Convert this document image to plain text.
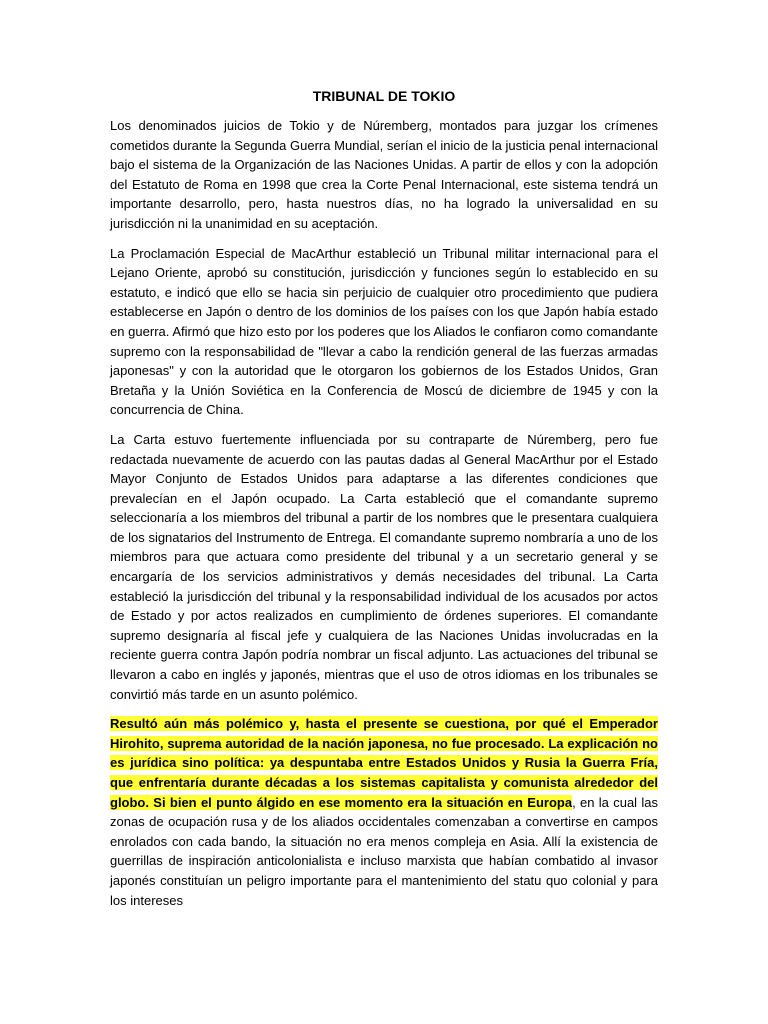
TRIBUNAL DE TOKIO

Los denominados juicios de Tokio y de Núremberg, montados para juzgar los crímenes cometidos durante la Segunda Guerra Mundial, serían el inicio de la justicia penal internacional bajo el sistema de la Organización de las Naciones Unidas. A partir de ellos y con la adopción del Estatuto de Roma en 1998 que crea la Corte Penal Internacional, este sistema tendrá un importante desarrollo, pero, hasta nuestros días, no ha logrado la universalidad en su jurisdicción ni la unanimidad en su aceptación.

La Proclamación Especial de MacArthur estableció un Tribunal militar internacional para el Lejano Oriente, aprobó su constitución, jurisdicción y funciones según lo establecido en su estatuto, e indicó que ello se hacia sin perjuicio de cualquier otro procedimiento que pudiera establecerse en Japón o dentro de los dominios de los países con los que Japón había estado en guerra. Afirmó que hizo esto por los poderes que los Aliados le confiaron como comandante supremo con la responsabilidad de "llevar a cabo la rendición general de las fuerzas armadas japonesas" y con la autoridad que le otorgaron los gobiernos de los Estados Unidos, Gran Bretaña y la Unión Soviética en la Conferencia de Moscú de diciembre de 1945 y con la concurrencia de China.

La Carta estuvo fuertemente influenciada por su contraparte de Núremberg, pero fue redactada nuevamente de acuerdo con las pautas dadas al General MacArthur por el Estado Mayor Conjunto de Estados Unidos para adaptarse a las diferentes condiciones que prevalecían en el Japón ocupado. La Carta estableció que el comandante supremo seleccionaría a los miembros del tribunal a partir de los nombres que le presentara cualquiera de los signatarios del Instrumento de Entrega. El comandante supremo nombraría a uno de los miembros para que actuara como presidente del tribunal y a un secretario general y se encargaría de los servicios administrativos y demás necesidades del tribunal. La Carta estableció la jurisdicción del tribunal y la responsabilidad individual de los acusados por actos de Estado y por actos realizados en cumplimiento de órdenes superiores. El comandante supremo designaría al fiscal jefe y cualquiera de las Naciones Unidas involucradas en la reciente guerra contra Japón podría nombrar un fiscal adjunto. Las actuaciones del tribunal se llevaron a cabo en inglés y japonés, mientras que el uso de otros idiomas en los tribunales se convirtió más tarde en un asunto polémico.

Resultó aún más polémico y, hasta el presente se cuestiona, por qué el Emperador Hirohito, suprema autoridad de la nación japonesa, no fue procesado. La explicación no es jurídica sino política: ya despuntaba entre Estados Unidos y Rusia la Guerra Fría, que enfrentaría durante décadas a los sistemas capitalista y comunista alrededor del globo. Si bien el punto álgido en ese momento era la situación en Europa, en la cual las zonas de ocupación rusa y de los aliados occidentales comenzaban a convertirse en campos enrolados con cada bando, la situación no era menos compleja en Asia. Allí la existencia de guerrillas de inspiración anticolonialista e incluso marxista que habían combatido al invasor japonés constituían un peligro importante para el mantenimiento del statu quo colonial y para los intereses
